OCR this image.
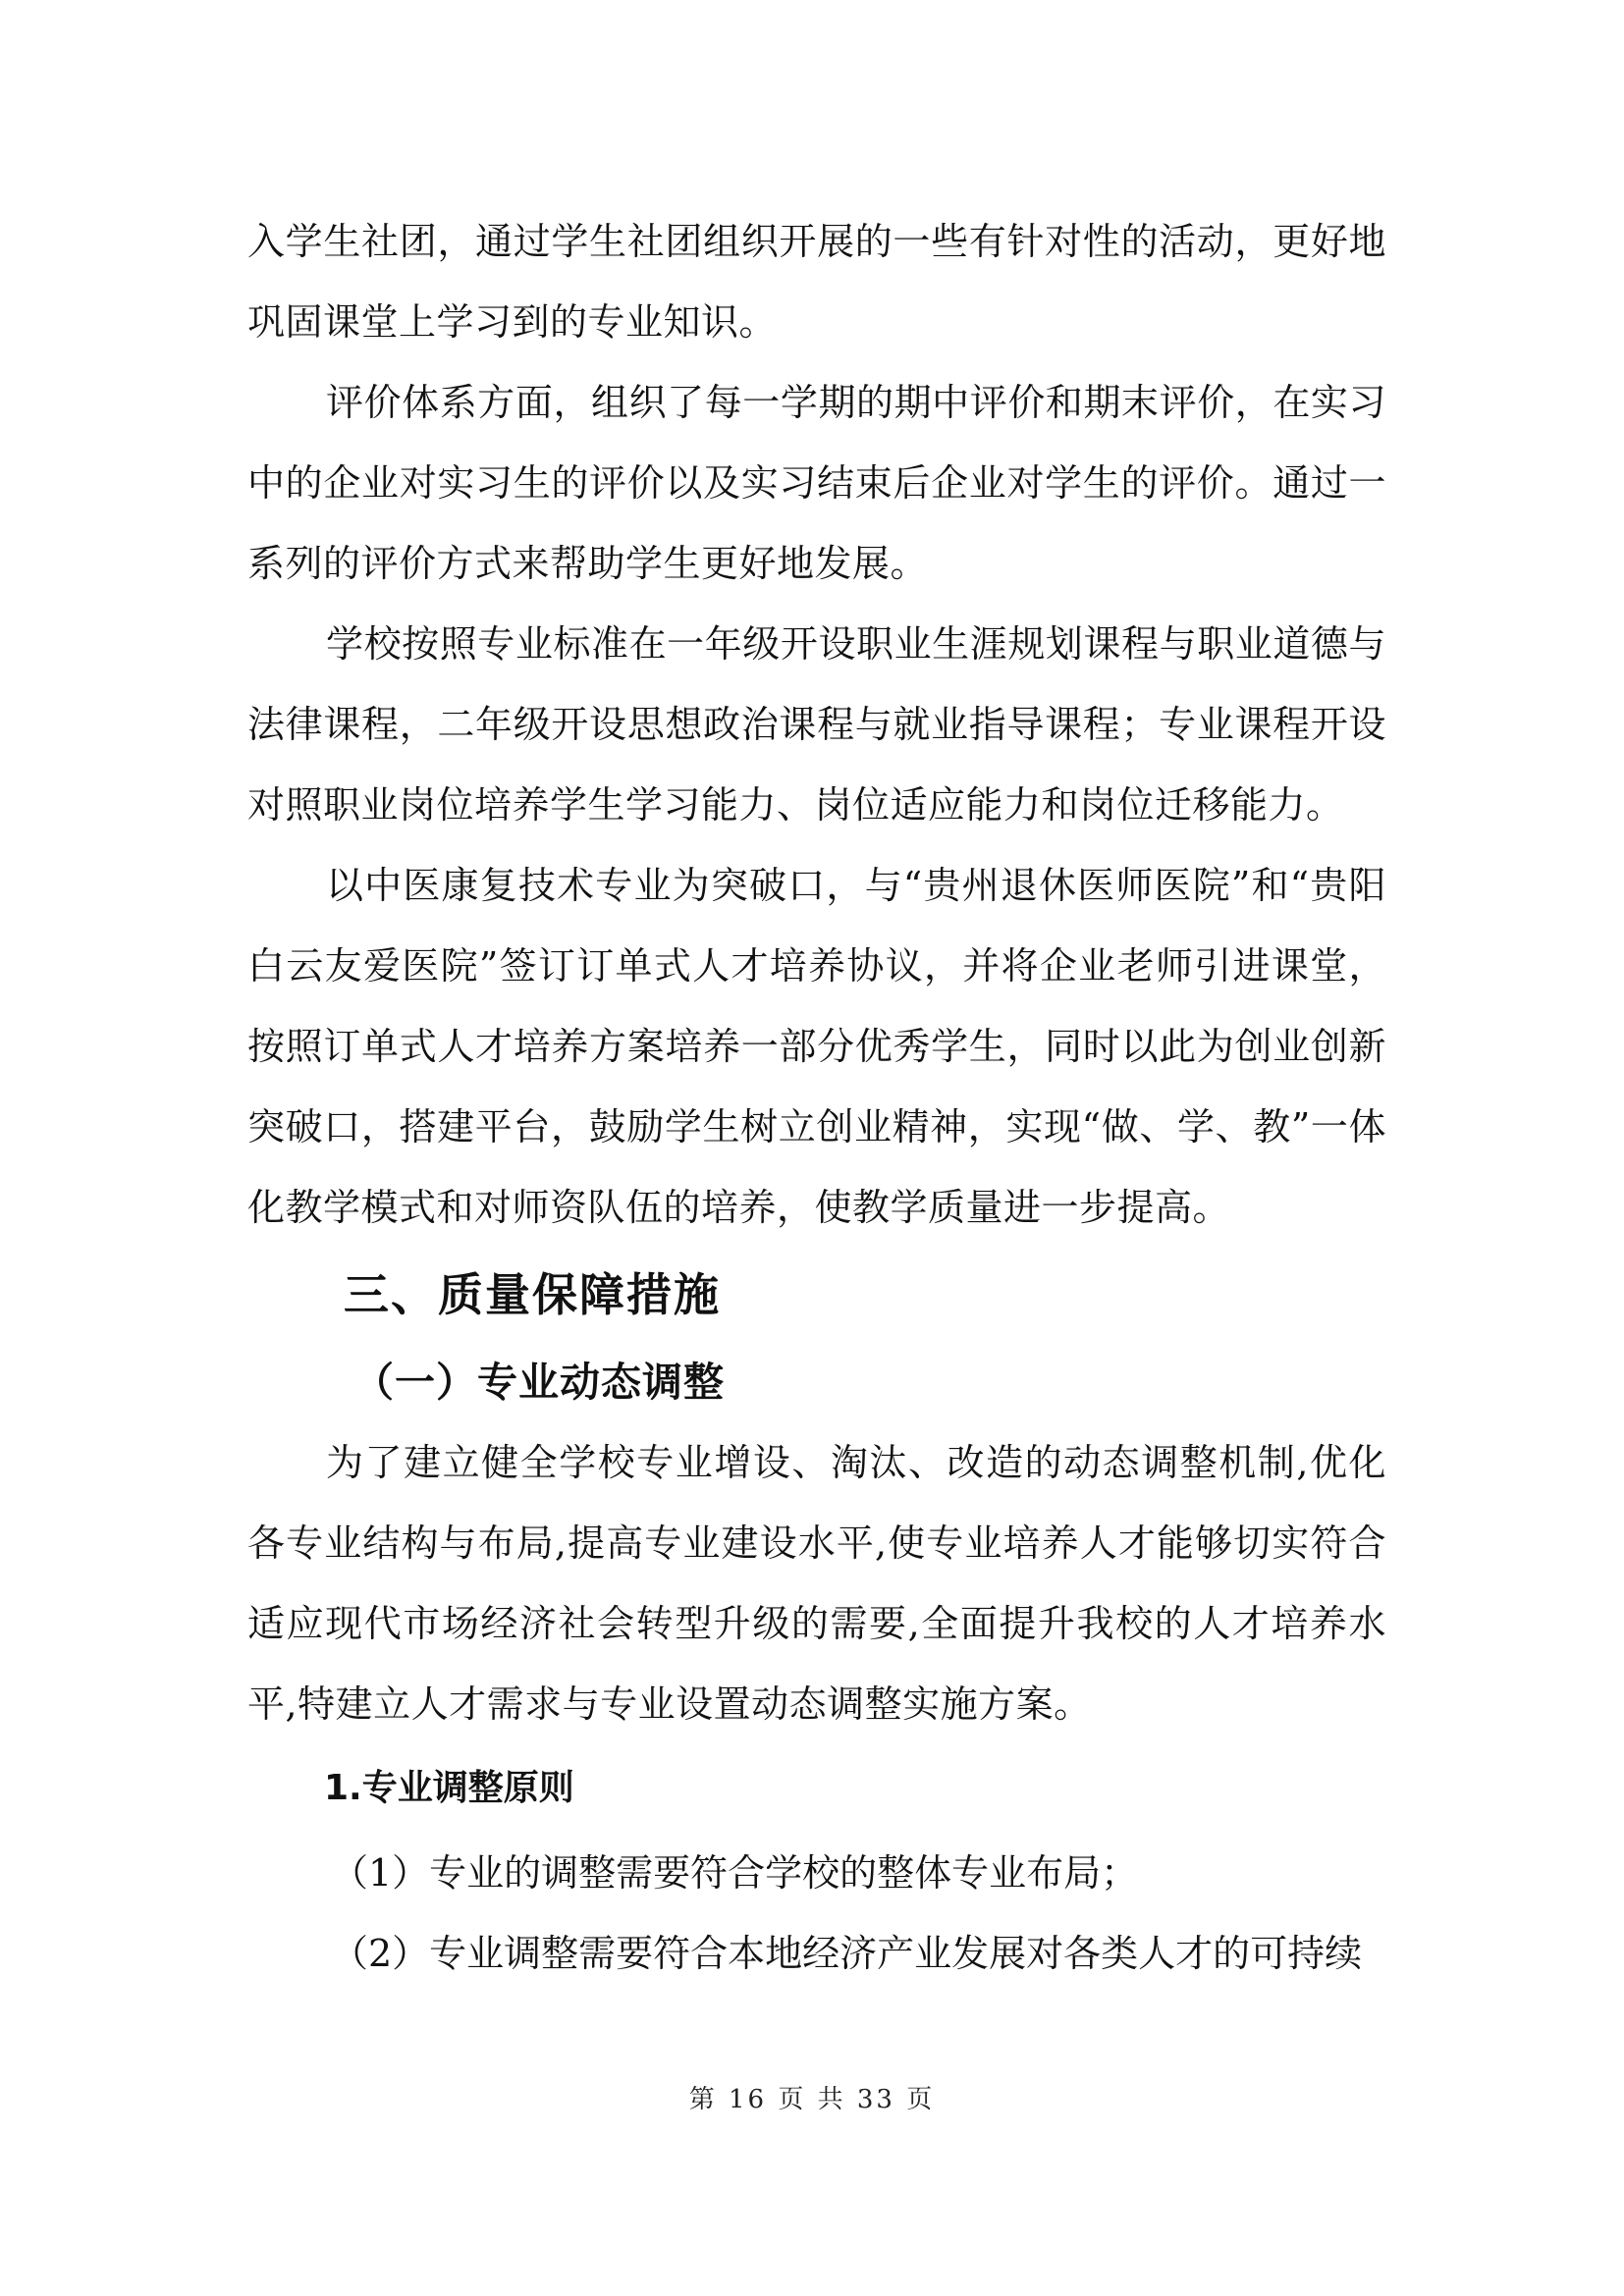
入学生社团，通过学生社团组织开展的一些有针对性的活动，更好地巩固课堂上学习到的专业知识。

评价体系方面，组织了每一学期的期中评价和期末评价，在实习中的企业对实习生的评价以及实习结束后企业对学生的评价。通过一系列的评价方式来帮助学生更好地发展。

学校按照专业标准在一年级开设职业生涯规划课程与职业道德与法律课程，二年级开设思想政治课程与就业指导课程；专业课程开设对照职业岗位培养学生学习能力、岗位适应能力和岗位迁移能力。

以中医康复技术专业为突破口，与“贵州退休医师医院”和“贵阳白云友爱医院”签订订单式人才培养协议，并将企业老师引进课堂，按照订单式人才培养方案培养一部分优秀学生，同时以此为创业创新突破口，搭建平台，鼓励学生树立创业精神，实现“做、学、教”一体化教学模式和对师资队伍的培养，使教学质量进一步提高。

三、质量保障措施
（一）专业动态调整

为了建立健全学校专业增设、淘汰、改造的动态调整机制,优化各专业结构与布局,提高专业建设水平,使专业培养人才能够切实符合适应现代市场经济社会转型升级的需要,全面提升我校的人才培养水平,特建立人才需求与专业设置动态调整实施方案。

1.专业调整原则

（1）专业的调整需要符合学校的整体专业布局；

（2）专业调整需要符合本地经济产业发展对各类人才的可持续

第 16 页 共 33 页
